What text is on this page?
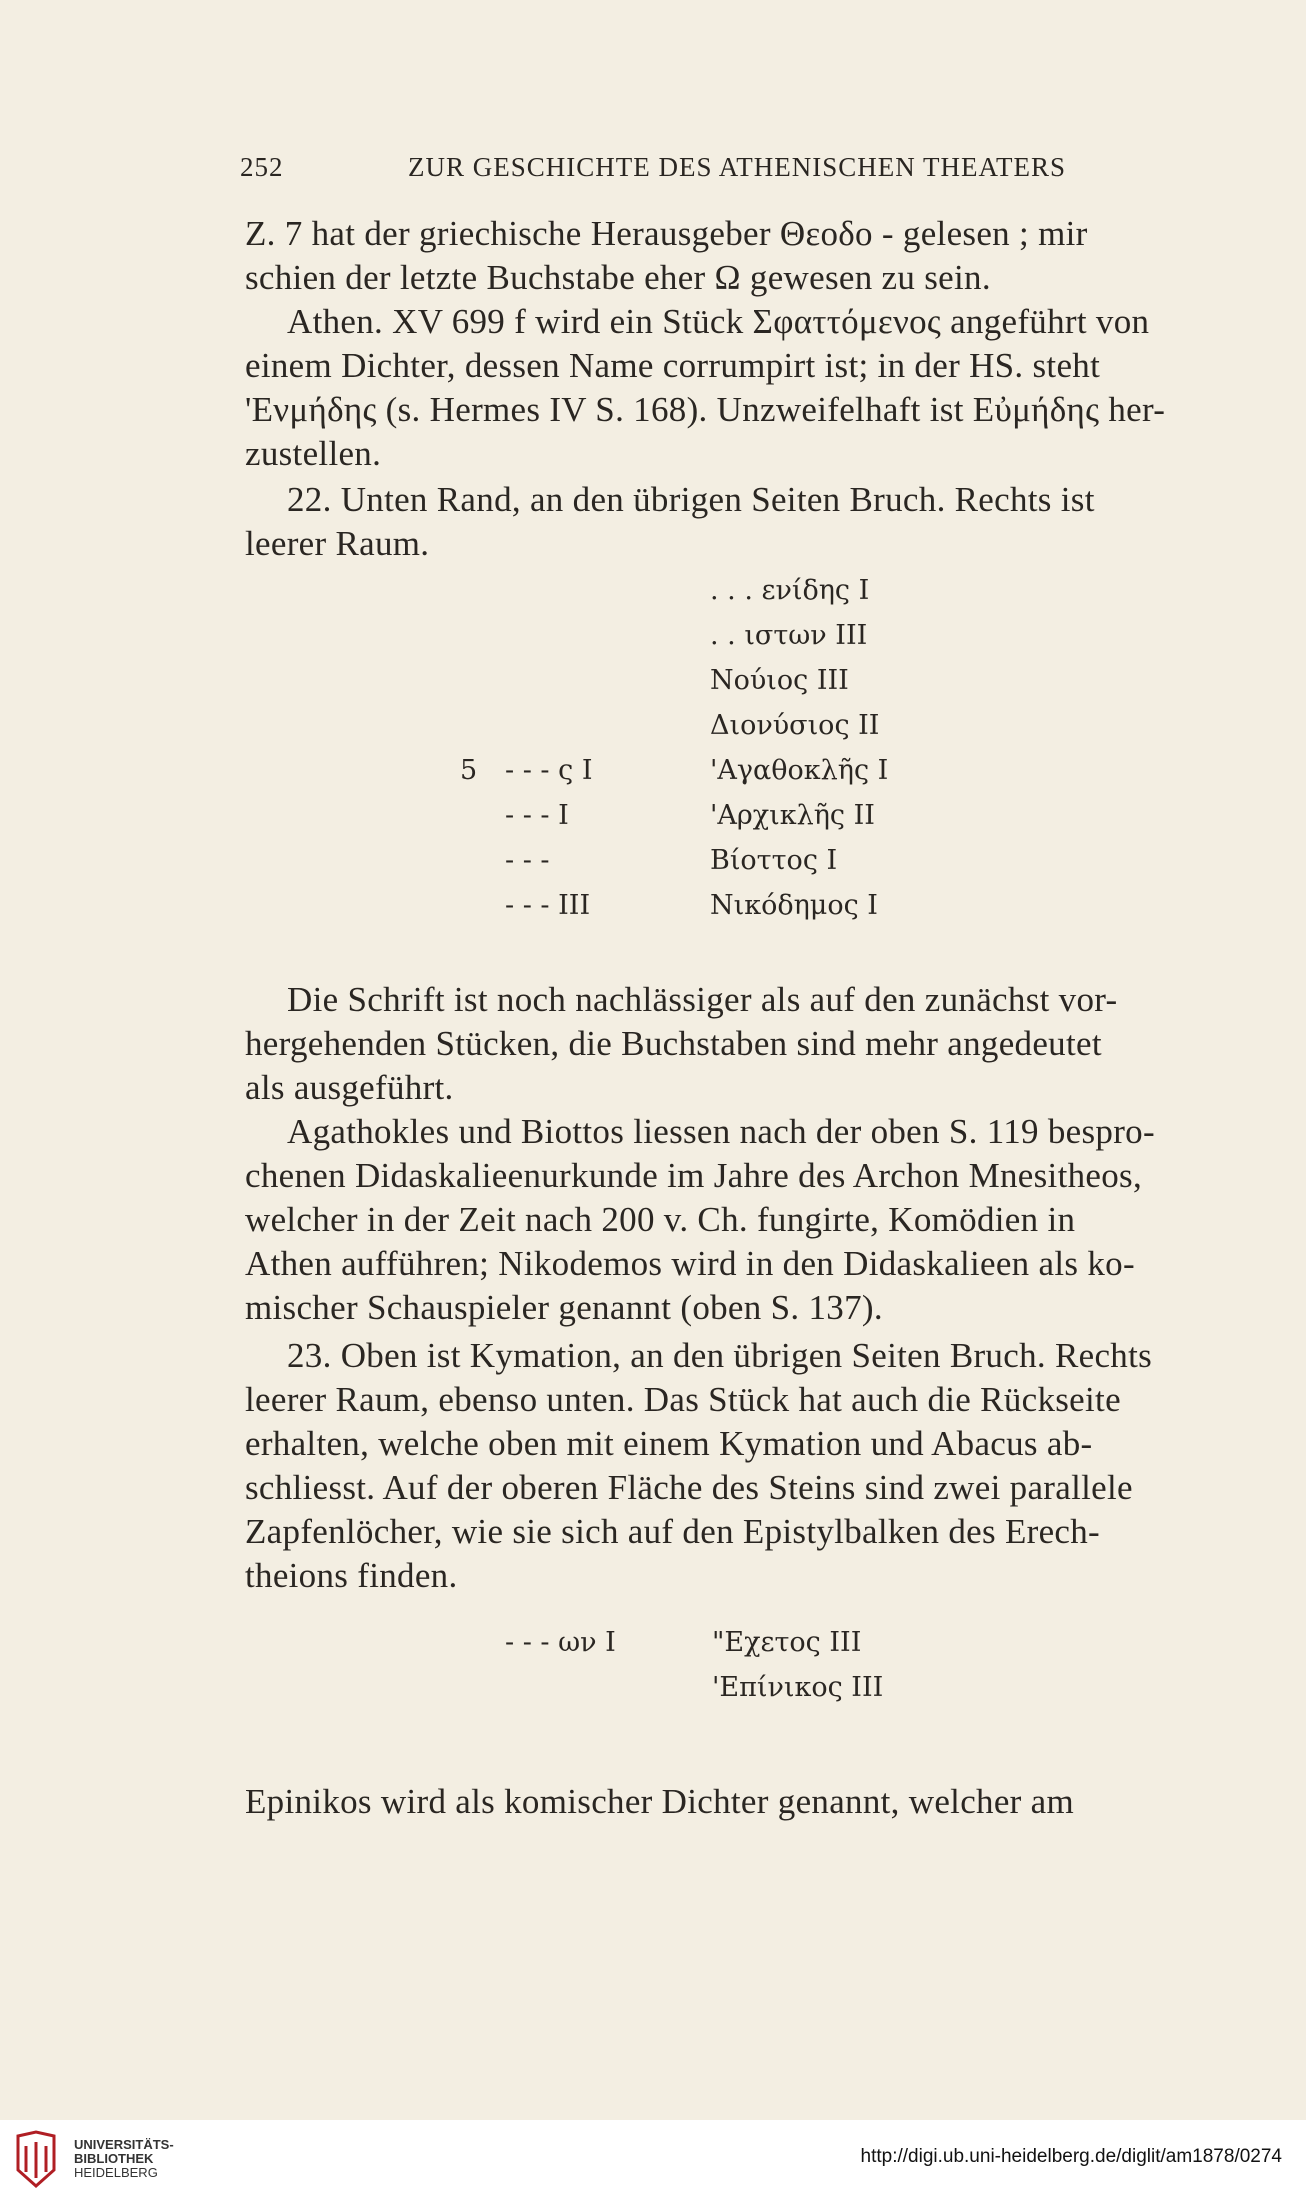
252	ZUR GESCHICHTE DES ATHENISCHEN THEATERS
Z. 7 hat der griechische Herausgeber Θεοδο - gelesen ; mir
schien der letzte Buchstabe eher Ω gewesen zu sein.
Athen. XV 699 f wird ein Stück Σφαττόμενος angeführt von
einem Dichter, dessen Name corrumpirt ist; in der HS. steht
'Ενμήδης (s. Hermes IV S. 168). Unzweifelhaft ist Εὐμήδης her-
zustellen.
22. Unten Rand, an den übrigen Seiten Bruch. Rechts ist
leerer Raum.
5 - - - ς Ι
- - - Ι
- - -
- - - ΙΙΙ
. . . ενίδης Ι
. . ιστων ΙΙΙ
Νούιος ΙΙΙ
Διονύσιος ΙΙ
'Αγαθοκλῆς Ι
'Αρχικλῆς ΙΙ
Βίοττος Ι
Νικόδημος Ι
Die Schrift ist noch nachlässiger als auf den zunächst vor-
hergehenden Stücken, die Buchstaben sind mehr angedeutet
als ausgeführt.
Agathokles und Biottos liessen nach der oben S. 119 bespro-
chenen Didaskalieenurkunde im Jahre des Archon Mnesitheos,
welcher in der Zeit nach 200 v. Ch. fungirte, Komödien in
Athen aufführen; Nikodemos wird in den Didaskalieen als ko-
mischer Schauspieler genannt (oben S. 137).
23. Oben ist Kymation, an den übrigen Seiten Bruch. Rechts
leerer Raum, ebenso unten. Das Stück hat auch die Rückseite
erhalten, welche oben mit einem Kymation und Abacus ab-
schliesst. Auf der oberen Fläche des Steins sind zwei parallele
Zapfenlöcher, wie sie sich auf den Epistylbalken des Erech-
theions finden.
- - - ων Ι	"Εχετος ΙΙΙ
'Επίνικος ΙΙΙ
Epinikos wird als komischer Dichter genannt, welcher am
UNIVERSITÄTS-
BIBLIOTHEK
HEIDELBERG
http://digi.ub.uni-heidelberg.de/diglit/am1878/0274
